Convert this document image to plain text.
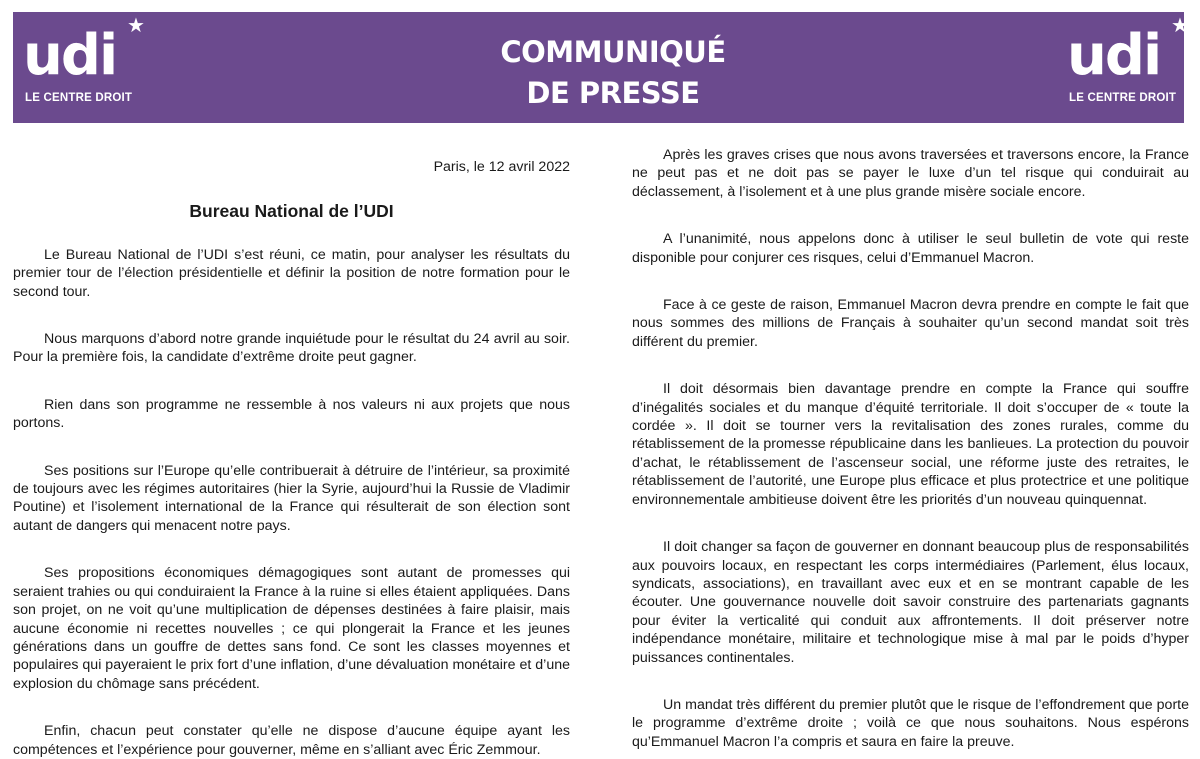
udi ★
LE CENTRE DROIT
COMMUNIQUÉ
DE PRESSE
udi ★
LE CENTRE DROIT

Paris, le 12 avril 2022

Bureau National de l’UDI

Le Bureau National de l’UDI s’est réuni, ce matin, pour analyser les résultats du premier tour de l’élection présidentielle et définir la position de notre formation pour le second tour.

Nous marquons d’abord notre grande inquiétude pour le résultat du 24 avril au soir. Pour la première fois, la candidate d’extrême droite peut gagner.

Rien dans son programme ne ressemble à nos valeurs ni aux projets que nous portons.

Ses positions sur l’Europe qu’elle contribuerait à détruire de l’intérieur, sa proximité de toujours avec les régimes autoritaires (hier la Syrie, aujourd’hui la Russie de Vladimir Poutine) et l’isolement international de la France qui résulterait de son élection sont autant de dangers qui menacent notre pays.

Ses propositions économiques démagogiques sont autant de promesses qui seraient trahies ou qui conduiraient la France à la ruine si elles étaient appliquées. Dans son projet, on ne voit qu’une multiplication de dépenses destinées à faire plaisir, mais aucune économie ni recettes nouvelles ; ce qui plongerait la France et les jeunes générations dans un gouffre de dettes sans fond. Ce sont les classes moyennes et populaires qui payeraient le prix fort d’une inflation, d’une dévaluation monétaire et d’une explosion du chômage sans précédent.

Enfin, chacun peut constater qu’elle ne dispose d’aucune équipe ayant les compétences et l’expérience pour gouverner, même en s’alliant avec Éric Zemmour.

Après les graves crises que nous avons traversées et traversons encore, la France ne peut pas et ne doit pas se payer le luxe d’un tel risque qui conduirait au déclassement, à l’isolement et à une plus grande misère sociale encore.

A l’unanimité, nous appelons donc à utiliser le seul bulletin de vote qui reste disponible pour conjurer ces risques, celui d’Emmanuel Macron.

Face à ce geste de raison, Emmanuel Macron devra prendre en compte le fait que nous sommes des millions de Français à souhaiter qu’un second mandat soit très différent du premier.

Il doit désormais bien davantage prendre en compte la France qui souffre d’inégalités sociales et du manque d’équité territoriale. Il doit s’occuper de « toute la cordée ». Il doit se tourner vers la revitalisation des zones rurales, comme du rétablissement de la promesse républicaine dans les banlieues. La protection du pouvoir d’achat, le rétablissement de l’ascenseur social, une réforme juste des retraites, le rétablissement de l’autorité, une Europe plus efficace et plus protectrice et une politique environnementale ambitieuse doivent être les priorités d’un nouveau quinquennat.

Il doit changer sa façon de gouverner en donnant beaucoup plus de responsabilités aux pouvoirs locaux, en respectant les corps intermédiaires (Parlement, élus locaux, syndicats, associations), en travaillant avec eux et en se montrant capable de les écouter. Une gouvernance nouvelle doit savoir construire des partenariats gagnants pour éviter la verticalité qui conduit aux affrontements. Il doit préserver notre indépendance monétaire, militaire et technologique mise à mal par le poids d’hyper puissances continentales.

Un mandat très différent du premier plutôt que le risque de l’effondrement que porte le programme d’extrême droite ; voilà ce que nous souhaitons. Nous espérons qu’Emmanuel Macron l’a compris et saura en faire la preuve.
